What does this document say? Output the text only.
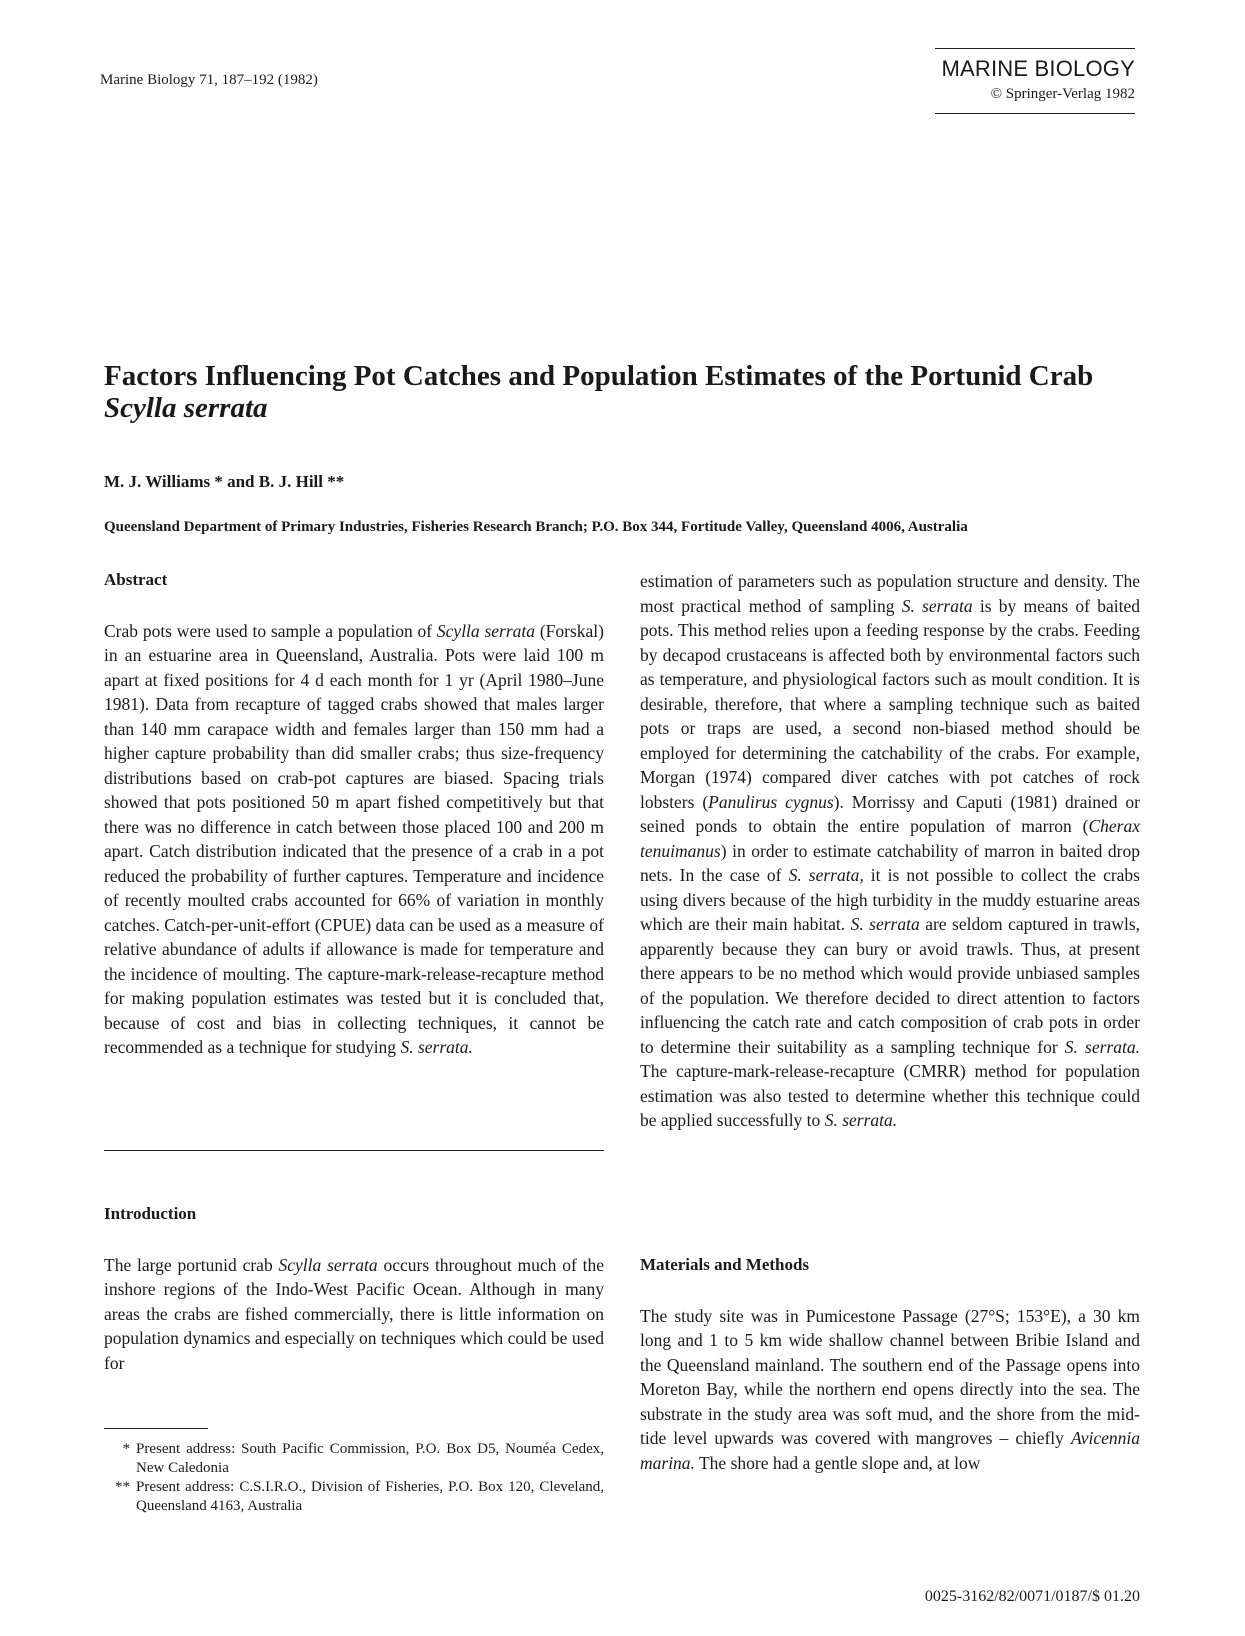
Marine Biology 71, 187–192 (1982)	MARINE BIOLOGY
© Springer-Verlag 1982
Factors Influencing Pot Catches and Population Estimates of the Portunid Crab Scylla serrata
M. J. Williams * and B. J. Hill **
Queensland Department of Primary Industries, Fisheries Research Branch; P.O. Box 344, Fortitude Valley, Queensland 4006, Australia
Abstract
Crab pots were used to sample a population of Scylla serrata (Forskal) in an estuarine area in Queensland, Australia. Pots were laid 100 m apart at fixed positions for 4 d each month for 1 yr (April 1980–June 1981). Data from recapture of tagged crabs showed that males larger than 140 mm carapace width and females larger than 150 mm had a higher capture probability than did smaller crabs; thus size-frequency distributions based on crab-pot captures are biased. Spacing trials showed that pots positioned 50 m apart fished competitively but that there was no difference in catch between those placed 100 and 200 m apart. Catch distribution indicated that the presence of a crab in a pot reduced the probability of further captures. Temperature and incidence of recently moulted crabs accounted for 66% of variation in monthly catches. Catch-per-unit-effort (CPUE) data can be used as a measure of relative abundance of adults if allowance is made for temperature and the incidence of moulting. The capture-mark-release-recapture method for making population estimates was tested but it is concluded that, because of cost and bias in collecting techniques, it cannot be recommended as a technique for studying S. serrata.
Introduction
The large portunid crab Scylla serrata occurs throughout much of the inshore regions of the Indo-West Pacific Ocean. Although in many areas the crabs are fished commercially, there is little information on population dynamics and especially on techniques which could be used for
* Present address: South Pacific Commission, P.O. Box D5, Nouméa Cedex, New Caledonia
** Present address: C.S.I.R.O., Division of Fisheries, P.O. Box 120, Cleveland, Queensland 4163, Australia
estimation of parameters such as population structure and density. The most practical method of sampling S. serrata is by means of baited pots. This method relies upon a feeding response by the crabs. Feeding by decapod crustaceans is affected both by environmental factors such as temperature, and physiological factors such as moult condition. It is desirable, therefore, that where a sampling technique such as baited pots or traps are used, a second non-biased method should be employed for determining the catchability of the crabs. For example, Morgan (1974) compared diver catches with pot catches of rock lobsters (Panulirus cygnus). Morrissy and Caputi (1981) drained or seined ponds to obtain the entire population of marron (Cherax tenuimanus) in order to estimate catchability of marron in baited drop nets. In the case of S. serrata, it is not possible to collect the crabs using divers because of the high turbidity in the muddy estuarine areas which are their main habitat. S. serrata are seldom captured in trawls, apparently because they can bury or avoid trawls. Thus, at present there appears to be no method which would provide unbiased samples of the population. We therefore decided to direct attention to factors influencing the catch rate and catch composition of crab pots in order to determine their suitability as a sampling technique for S. serrata. The capture-mark-release-recapture (CMRR) method for population estimation was also tested to determine whether this technique could be applied successfully to S. serrata.
Materials and Methods
The study site was in Pumicestone Passage (27°S; 153°E), a 30 km long and 1 to 5 km wide shallow channel between Bribie Island and the Queensland mainland. The southern end of the Passage opens into Moreton Bay, while the northern end opens directly into the sea. The substrate in the study area was soft mud, and the shore from the mid-tide level upwards was covered with mangroves – chiefly Avicennia marina. The shore had a gentle slope and, at low
0025-3162/82/0071/0187/$ 01.20
